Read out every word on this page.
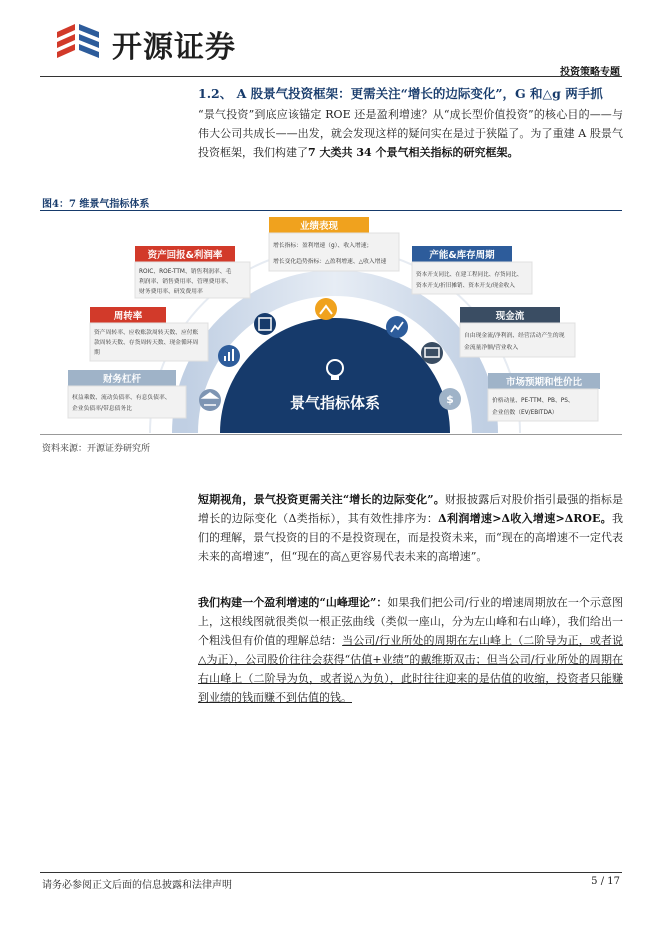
开源证券
投资策略专题
1.2、 A 股景气投资框架：更需关注“增长的边际变化”，G 和△g 两手抓
“景气投资”到底应该锚定 ROE 还是盈利增速？从“成长型价值投资”的核心目的——与伟大公司共成长——出发，就会发现这样的疑问实在是过于狭隘了。为了重建 A 股景气投资框架，我们构建了7 大类共 34 个景气相关指标的研究框架。
图4：7 维景气指标体系
景气指标体系	$
业绩表现
增长指标：盈利增速（g）、收入增速；
增长变化趋势指标：△盈利增速、△收入增速
资产回报&利润率
ROIC、ROE-TTM、销售利润率、毛
利润率、销售费用率、管理费用率、
财务费用率、研发费用率
产能&库存周期
资本开支同比、在建工程同比、存货同比、
资本开支/折旧摊销、资本开支/现金收入
周转率
资产周转率、应收账款周转天数、应付账
款周转天数、存货周转天数、现金循环周
期
现金流
自由现金流/净利润、经营活动产生的现
金流量净额/营业收入
财务杠杆
权益乘数、流动负债率、有息负债率、
企业负债率/带息债务比
市场预期和性价比
价格动量、PE-TTM、PB、PS、
企业倍数（EV/EBITDA）
资料来源：开源证券研究所
短期视角，景气投资更需关注“增长的边际变化”。财报披露后对股价指引最强的指标是增长的边际变化（Δ类指标），其有效性排序为：Δ利润增速>Δ收入增速>ΔROE。我们的理解，景气投资的目的不是投资现在，而是投资未来，而“现在的高增速不一定代表未来的高增速”，但“现在的高△更容易代表未来的高增速”。
我们构建一个盈利增速的“山峰理论”：如果我们把公司/行业的增速周期放在一个示意图上，这根线图就很类似一根正弦曲线（类似一座山，分为左山峰和右山峰），我们给出一个粗浅但有价值的理解总结：当公司/行业所处的周期在左山峰上（二阶导为正，或者说△为正），公司股价往往会获得“估值+业绩”的戴维斯双击；但当公司/行业所处的周期在右山峰上（二阶导为负，或者说△为负），此时往往迎来的是估值的收缩，投资者只能赚到业绩的钱而赚不到估值的钱。
请务必参阅正文后面的信息披露和法律声明	5 / 17
